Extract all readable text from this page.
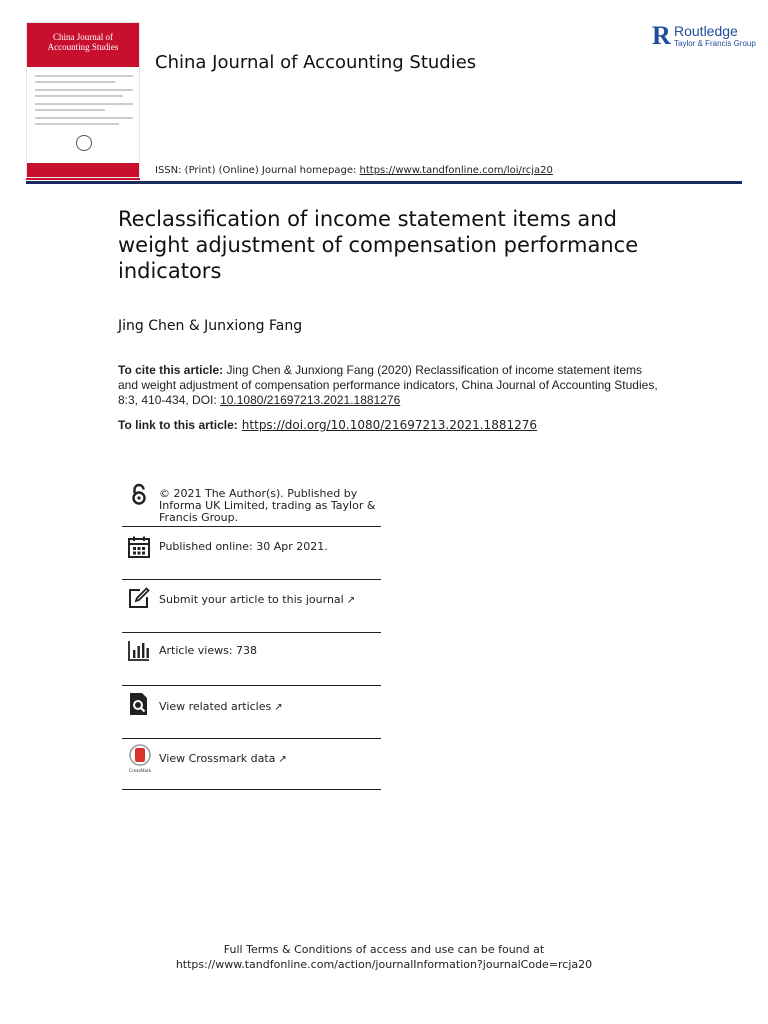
China Journal of
Accounting Studies
China Journal of Accounting Studies
R Routledge
Taylor & Francis Group
ISSN: (Print) (Online) Journal homepage: https://www.tandfonline.com/loi/rcja20
Reclassification of income statement items and weight adjustment of compensation performance indicators
Jing Chen & Junxiong Fang
To cite this article: Jing Chen & Junxiong Fang (2020) Reclassification of income statement items and weight adjustment of compensation performance indicators, China Journal of Accounting Studies, 8:3, 410-434, DOI: 10.1080/21697213.2021.1881276
To link to this article: https://doi.org/10.1080/21697213.2021.1881276
© 2021 The Author(s). Published by Informa UK Limited, trading as Taylor & Francis Group.
Published online: 30 Apr 2021.
Submit your article to this journal ↗
Article views: 738
View related articles ↗
CrossMark
View Crossmark data ↗
Full Terms & Conditions of access and use can be found at
https://www.tandfonline.com/action/journalInformation?journalCode=rcja20
